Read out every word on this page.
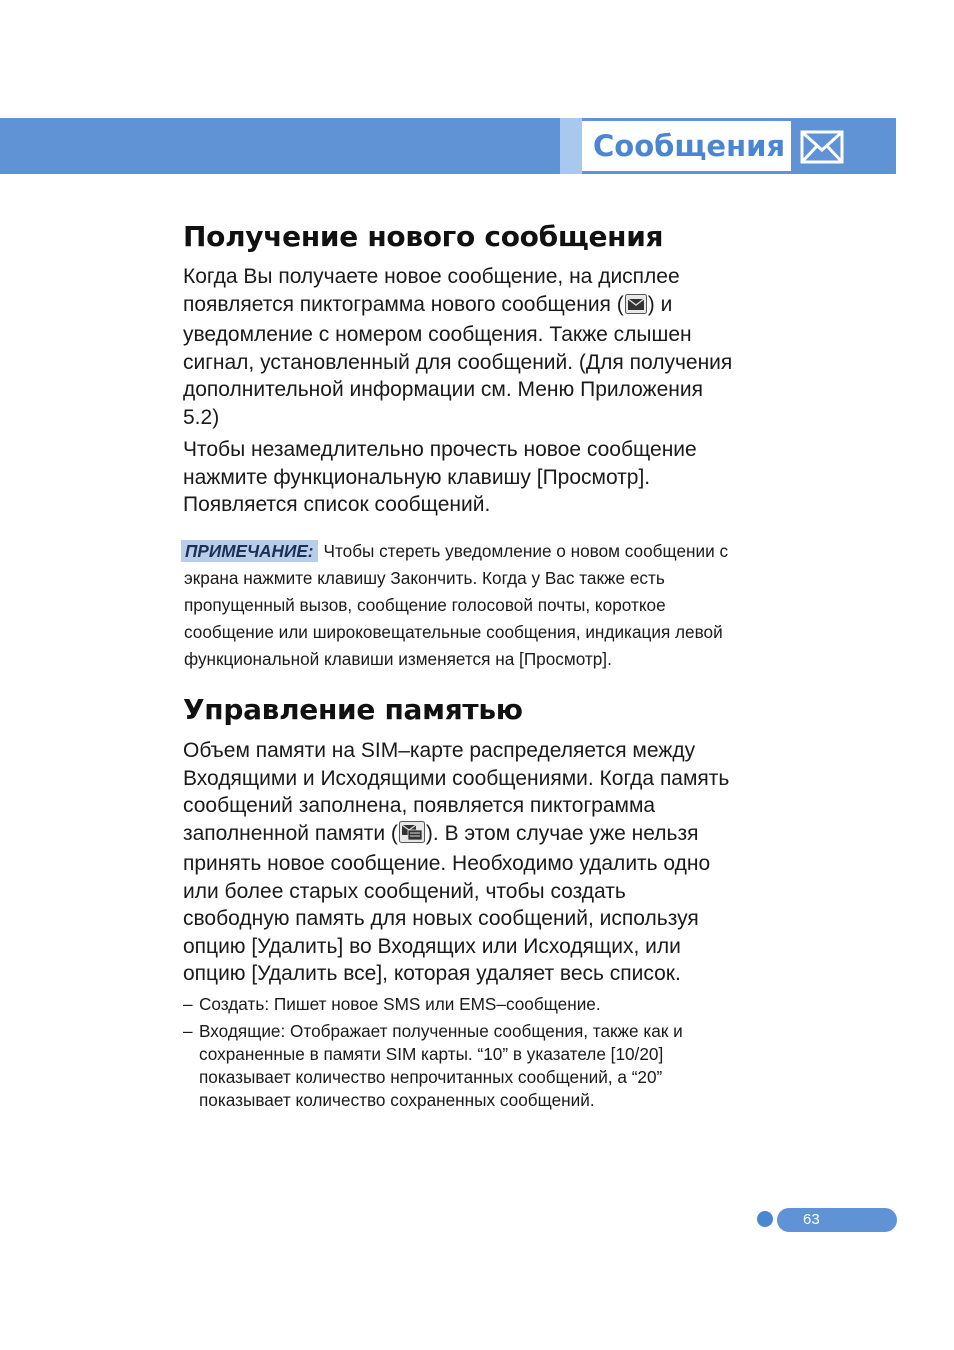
Сообщения
Получение нового сообщения

Когда Вы получаете новое сообщение, на дисплее
появляется пиктограмма нового сообщения ( ) и
уведомление с номером сообщения. Также слышен
сигнал, установленный для сообщений. (Для получения
дополнительной информации см. Меню Приложения
5.2)

Чтобы незамедлительно прочесть новое сообщение
нажмите функциональную клавишу [Просмотр].
Появляется список сообщений.

ПРИМЕЧАНИЕ: Чтобы стереть уведомление о новом сообщении с
экрана нажмите клавишу Закончить. Когда у Вас также есть
пропущенный вызов, сообщение голосовой почты, короткое
сообщение или широковещательные сообщения, индикация левой
функциональной клавиши изменяется на [Просмотр].

Управление памятью

Объем памяти на SIM–карте распределяется между
Входящими и Исходящими сообщениями. Когда память
сообщений заполнена, появляется пиктограмма
заполненной памяти ( ). В этом случае уже нельзя
принять новое сообщение. Необходимо удалить одно
или более старых сообщений, чтобы создать
свободную память для новых сообщений, используя
опцию [Удалить] во Входящих или Исходящих, или
опцию [Удалить все], которая удаляет весь список.

– Создать: Пишет новое SMS или EMS–сообщение.
– Входящие: Отображает полученные сообщения, также как и
сохраненные в памяти SIM карты. “10” в указателе [10/20]
показывает количество непрочитанных сообщений, а “20”
показывает количество сохраненных сообщений.
63
